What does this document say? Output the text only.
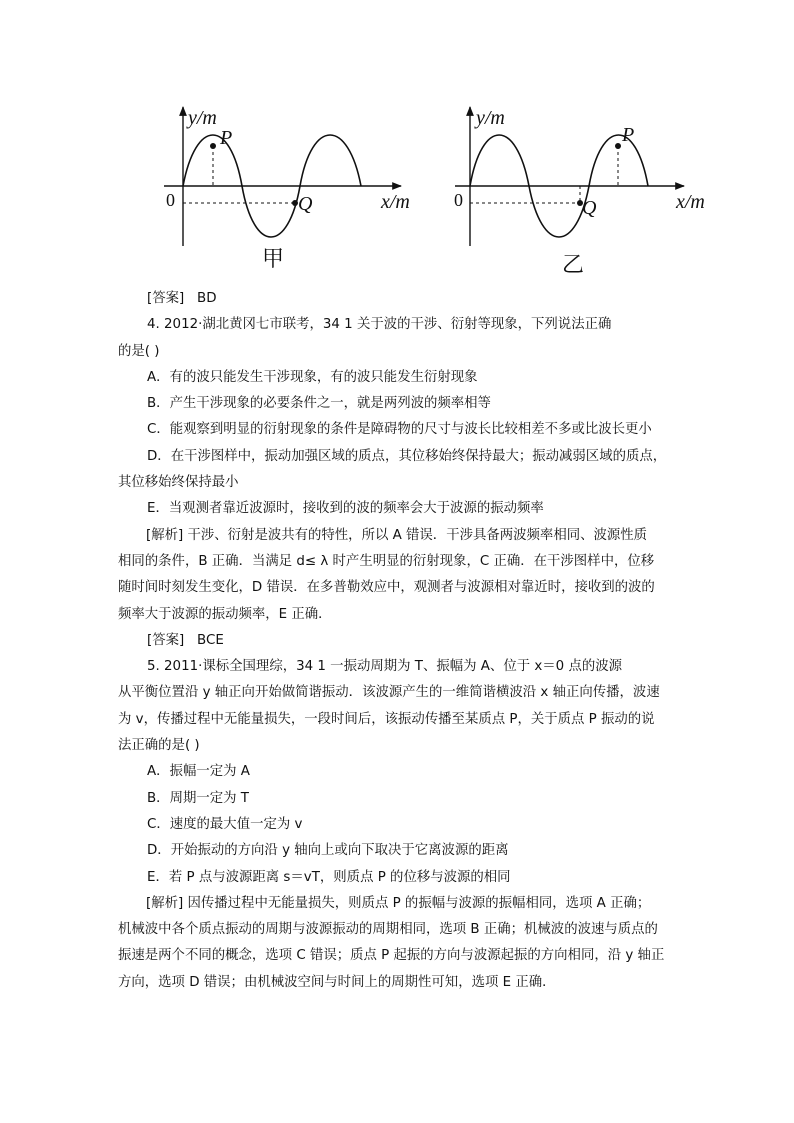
y/m
x/m
0
P
Q
甲
y/m
x/m
0
P
Q
乙
[答案] BD
4. 2012·湖北黄冈七市联考，34 1 关于波的干涉、衍射等现象，下列说法正确
的是( )
A．有的波只能发生干涉现象，有的波只能发生衍射现象
B．产生干涉现象的必要条件之一，就是两列波的频率相等
C．能观察到明显的衍射现象的条件是障碍物的尺寸与波长比较相差不多或比波长更小
D．在干涉图样中，振动加强区域的质点，其位移始终保持最大；振动减弱区域的质点，
其位移始终保持最小
E．当观测者靠近波源时，接收到的波的频率会大于波源的振动频率
[解析] 干涉、衍射是波共有的特性，所以 A 错误．干涉具备两波频率相同、波源性质
相同的条件，B 正确．当满足 d≤ λ 时产生明显的衍射现象，C 正确．在干涉图样中，位移
随时间时刻发生变化，D 错误．在多普勒效应中，观测者与波源相对靠近时，接收到的波的
频率大于波源的振动频率，E 正确．
[答案] BCE
5. 2011·课标全国理综，34 1 一振动周期为 T、振幅为 A、位于 x＝0 点的波源
从平衡位置沿 y 轴正向开始做简谐振动．该波源产生的一维简谐横波沿 x 轴正向传播，波速
为 v，传播过程中无能量损失，一段时间后，该振动传播至某质点 P，关于质点 P 振动的说
法正确的是( )
A．振幅一定为 A
B．周期一定为 T
C．速度的最大值一定为 v
D．开始振动的方向沿 y 轴向上或向下取决于它离波源的距离
E．若 P 点与波源距离 s＝vT，则质点 P 的位移与波源的相同
[解析] 因传播过程中无能量损失，则质点 P 的振幅与波源的振幅相同，选项 A 正确；
机械波中各个质点振动的周期与波源振动的周期相同，选项 B 正确；机械波的波速与质点的
振速是两个不同的概念，选项 C 错误；质点 P 起振的方向与波源起振的方向相同，沿 y 轴正
方向，选项 D 错误；由机械波空间与时间上的周期性可知，选项 E 正确．
